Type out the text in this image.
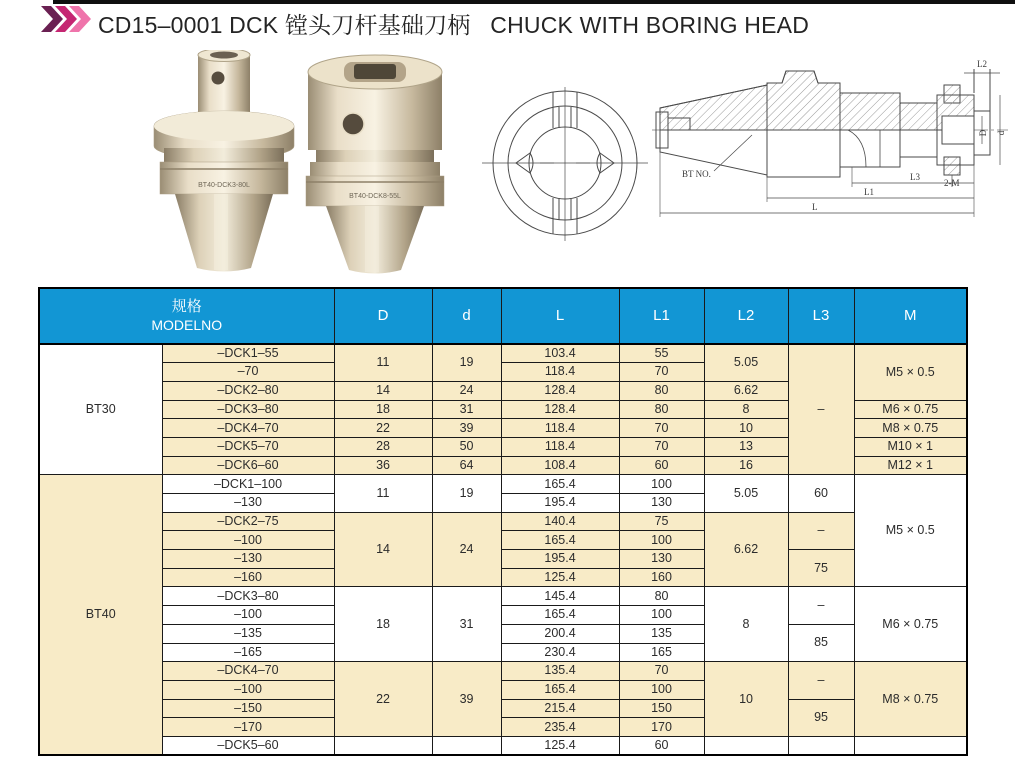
CD15–0001 DCK 镗头刀杆基础刀柄   CHUCK WITH BORING HEAD
BT40-DCK3-80L
BT40-DCK8-55L
BT NO.
L2
D d
2-M
L3
L1
L
规格
MODELNO		D	d	L	L1	L2	L3	M
BT30	–DCK1–55	11	19	103.4	55	5.05	–	M5 × 0.5
	–70			118.4	70			
	–DCK2–80	14	24	128.4	80	6.62		
	–DCK3–80	18	31	128.4	80	8		M6 × 0.75
	–DCK4–70	22	39	118.4	70	10		M8 × 0.75
	–DCK5–70	28	50	118.4	70	13		M10 × 1
	–DCK6–60	36	64	108.4	60	16		M12 × 1
BT40	–DCK1–100	11	19	165.4	100	5.05	60	M5 × 0.5
	–130			195.4	130			
	–DCK2–75	14	24	140.4	75	6.62	–	
	–100			165.4	100			
	–130			195.4	130		75	
	–160			125.4	160			
	–DCK3–80	18	31	145.4	80	8	–	M6 × 0.75
	–100			165.4	100			
	–135			200.4	135		85	
	–165			230.4	165			
	–DCK4–70	22	39	135.4	70	10	–	M8 × 0.75
	–100			165.4	100			
	–150			215.4	150		95	
	–170			235.4	170			
	–DCK5–60			125.4	60			
